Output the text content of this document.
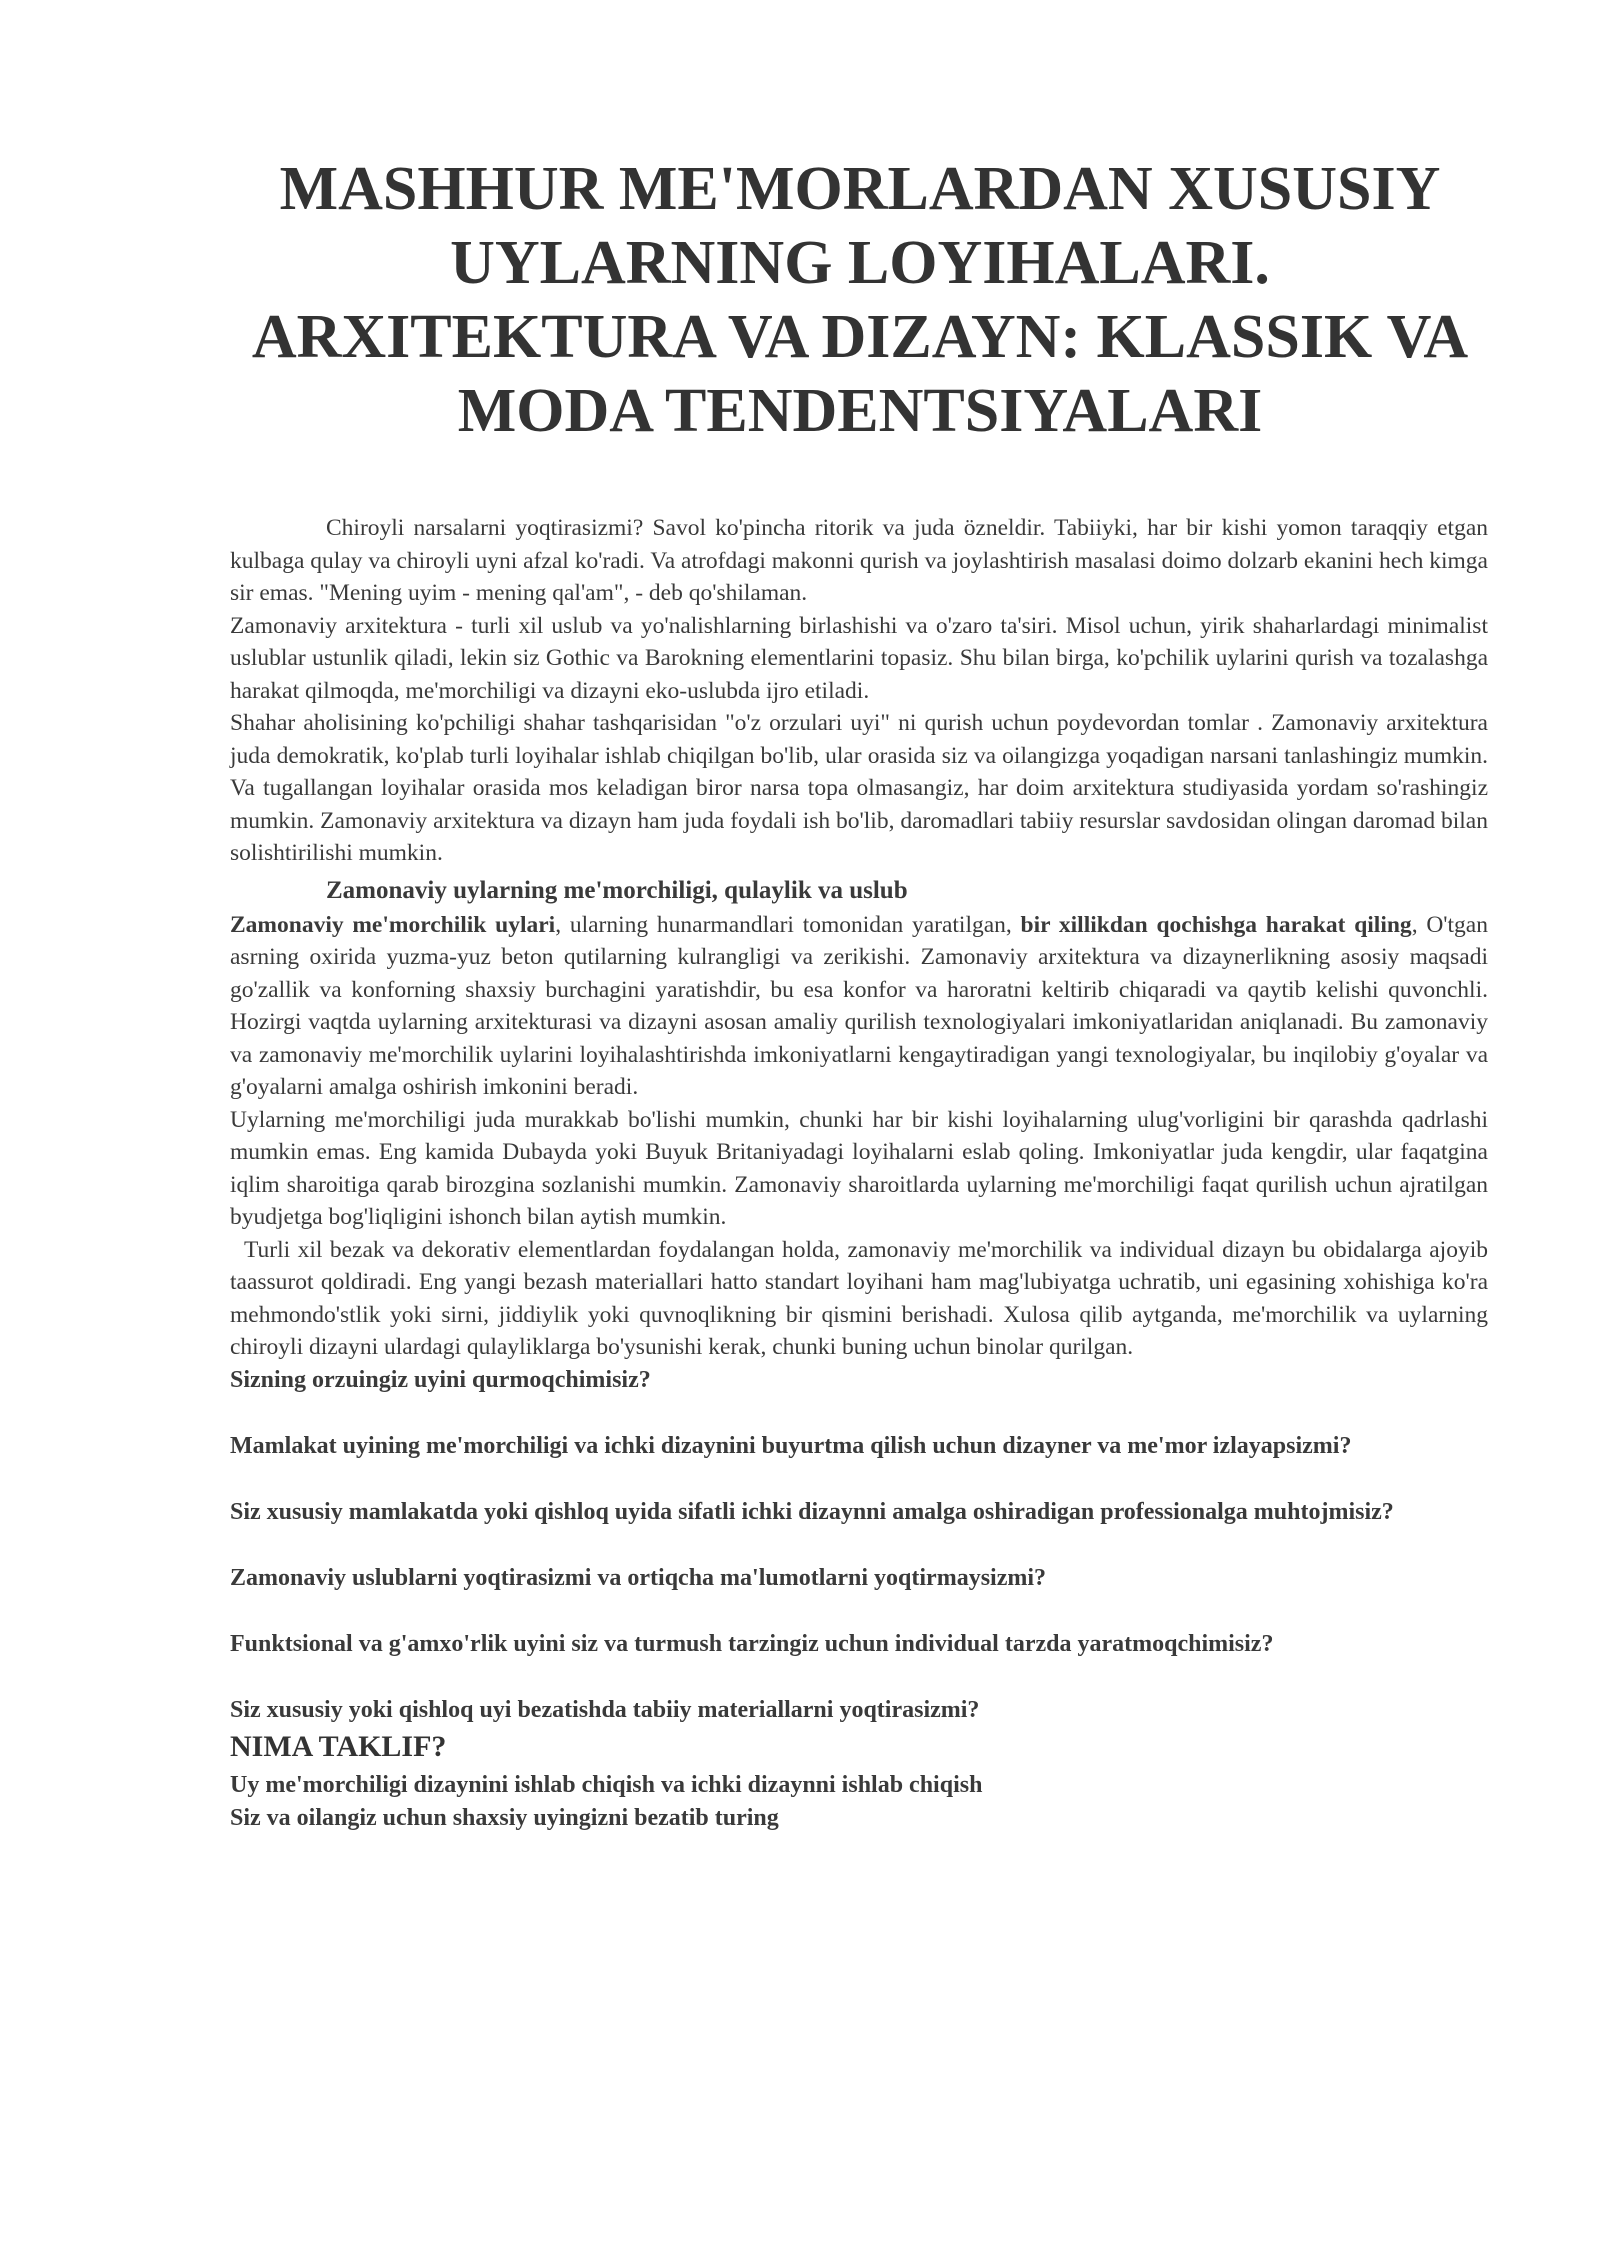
MASHHUR ME'MORLARDAN XUSUSIY UYLARNING LOYIHALARI. ARXITEKTURA VA DIZAYN: KLASSIK VA MODA TENDENTSIYALARI

Chiroyli narsalarni yoqtirasizmi? Savol ko'pincha ritorik va juda özneldir. Tabiiyki, har bir kishi yomon taraqqiy etgan kulbaga qulay va chiroyli uyni afzal ko'radi. Va atrofdagi makonni qurish va joylashtirish masalasi doimo dolzarb ekanini hech kimga sir emas. "Mening uyim - mening qal'am", - deb qo'shilaman.

Zamonaviy arxitektura - turli xil uslub va yo'nalishlarning birlashishi va o'zaro ta'siri. Misol uchun, yirik shaharlardagi minimalist uslublar ustunlik qiladi, lekin siz Gothic va Barokning elementlarini topasiz. Shu bilan birga, ko'pchilik uylarini qurish va tozalashga harakat qilmoqda, me'morchiligi va dizayni eko-uslubda ijro etiladi.

Shahar aholisining ko'pchiligi shahar tashqarisidan "o'z orzulari uyi" ni qurish uchun poydevordan tomlar . Zamonaviy arxitektura juda demokratik, ko'plab turli loyihalar ishlab chiqilgan bo'lib, ular orasida siz va oilangizga yoqadigan narsani tanlashingiz mumkin. Va tugallangan loyihalar orasida mos keladigan biror narsa topa olmasangiz, har doim arxitektura studiyasida yordam so'rashingiz mumkin. Zamonaviy arxitektura va dizayn ham juda foydali ish bo'lib, daromadlari tabiiy resurslar savdosidan olingan daromad bilan solishtirilishi mumkin.

Zamonaviy uylarning me'morchiligi, qulaylik va uslub

Zamonaviy me'morchilik uylari, ularning hunarmandlari tomonidan yaratilgan, bir xillikdan qochishga harakat qiling, O'tgan asrning oxirida yuzma-yuz beton qutilarning kulrangligi va zerikishi. Zamonaviy arxitektura va dizaynerlikning asosiy maqsadi go'zallik va konforning shaxsiy burchagini yaratishdir, bu esa konfor va haroratni keltirib chiqaradi va qaytib kelishi quvonchli. Hozirgi vaqtda uylarning arxitekturasi va dizayni asosan amaliy qurilish texnologiyalari imkoniyatlaridan aniqlanadi. Bu zamonaviy va zamonaviy me'morchilik uylarini loyihalashtirishda imkoniyatlarni kengaytiradigan yangi texnologiyalar, bu inqilobiy g'oyalar va g'oyalarni amalga oshirish imkonini beradi.

Uylarning me'morchiligi juda murakkab bo'lishi mumkin, chunki har bir kishi loyihalarning ulug'vorligini bir qarashda qadrlashi mumkin emas. Eng kamida Dubayda yoki Buyuk Britaniyadagi loyihalarni eslab qoling. Imkoniyatlar juda kengdir, ular faqatgina iqlim sharoitiga qarab birozgina sozlanishi mumkin. Zamonaviy sharoitlarda uylarning me'morchiligi faqat qurilish uchun ajratilgan byudjetga bog'liqligini ishonch bilan aytish mumkin.

Turli xil bezak va dekorativ elementlardan foydalangan holda, zamonaviy me'morchilik va individual dizayn bu obidalarga ajoyib taassurot qoldiradi. Eng yangi bezash materiallari hatto standart loyihani ham mag'lubiyatga uchratib, uni egasining xohishiga ko'ra mehmondo'stlik yoki sirni, jiddiylik yoki quvnoqlikning bir qismini berishadi. Xulosa qilib aytganda, me'morchilik va uylarning chiroyli dizayni ulardagi qulayliklarga bo'ysunishi kerak, chunki buning uchun binolar qurilgan.

Sizning orzuingiz uyini qurmoqchimisiz?
Mamlakat uyining me'morchiligi va ichki dizaynini buyurtma qilish uchun dizayner va me'mor izlayapsizmi?
Siz xususiy mamlakatda yoki qishloq uyida sifatli ichki dizaynni amalga oshiradigan professionalga muhtojmisiz?
Zamonaviy uslublarni yoqtirasizmi va ortiqcha ma'lumotlarni yoqtirmaysizmi?
Funktsional va g'amxo'rlik uyini siz va turmush tarzingiz uchun individual tarzda yaratmoqchimisiz?
Siz xususiy yoki qishloq uyi bezatishda tabiiy materiallarni yoqtirasizmi?
NIMA TAKLIF?
Uy me'morchiligi dizaynini ishlab chiqish va ichki dizaynni ishlab chiqish
Siz va oilangiz uchun shaxsiy uyingizni bezatib turing
